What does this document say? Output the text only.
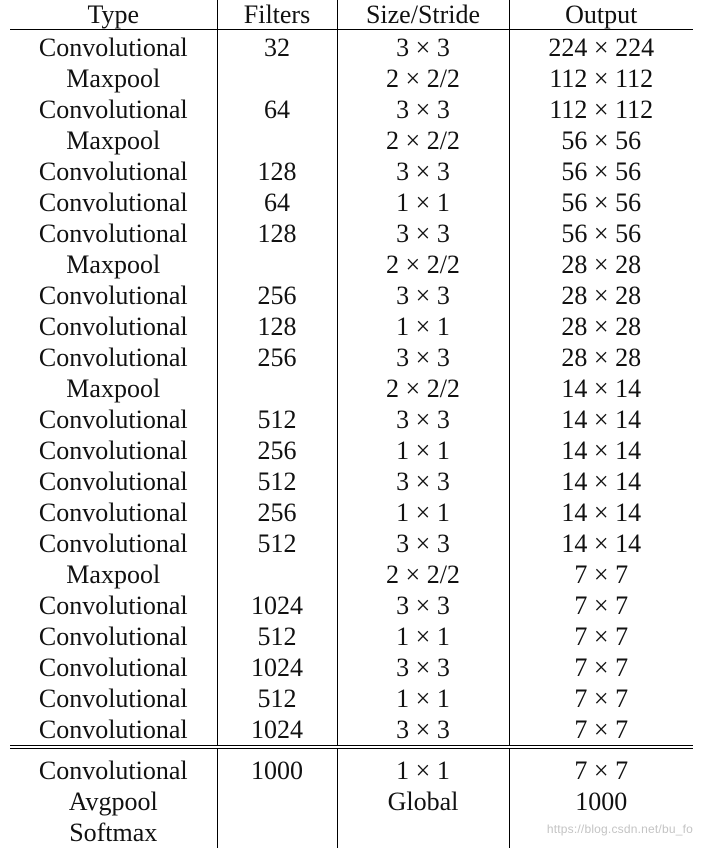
Type	Filters	Size/Stride	Output
Convolutional	32	3 × 3	224 × 224
Maxpool		2 × 2/2	112 × 112
Convolutional	64	3 × 3	112 × 112
Maxpool		2 × 2/2	56 × 56
Convolutional	128	3 × 3	56 × 56
Convolutional	64	1 × 1	56 × 56
Convolutional	128	3 × 3	56 × 56
Maxpool		2 × 2/2	28 × 28
Convolutional	256	3 × 3	28 × 28
Convolutional	128	1 × 1	28 × 28
Convolutional	256	3 × 3	28 × 28
Maxpool		2 × 2/2	14 × 14
Convolutional	512	3 × 3	14 × 14
Convolutional	256	1 × 1	14 × 14
Convolutional	512	3 × 3	14 × 14
Convolutional	256	1 × 1	14 × 14
Convolutional	512	3 × 3	14 × 14
Maxpool		2 × 2/2	7 × 7
Convolutional	1024	3 × 3	7 × 7
Convolutional	512	1 × 1	7 × 7
Convolutional	1024	3 × 3	7 × 7
Convolutional	512	1 × 1	7 × 7
Convolutional	1024	3 × 3	7 × 7
Convolutional	1000	1 × 1	7 × 7
Avgpool		Global	1000
Softmax				https://blog.csdn.net/bu_fo
